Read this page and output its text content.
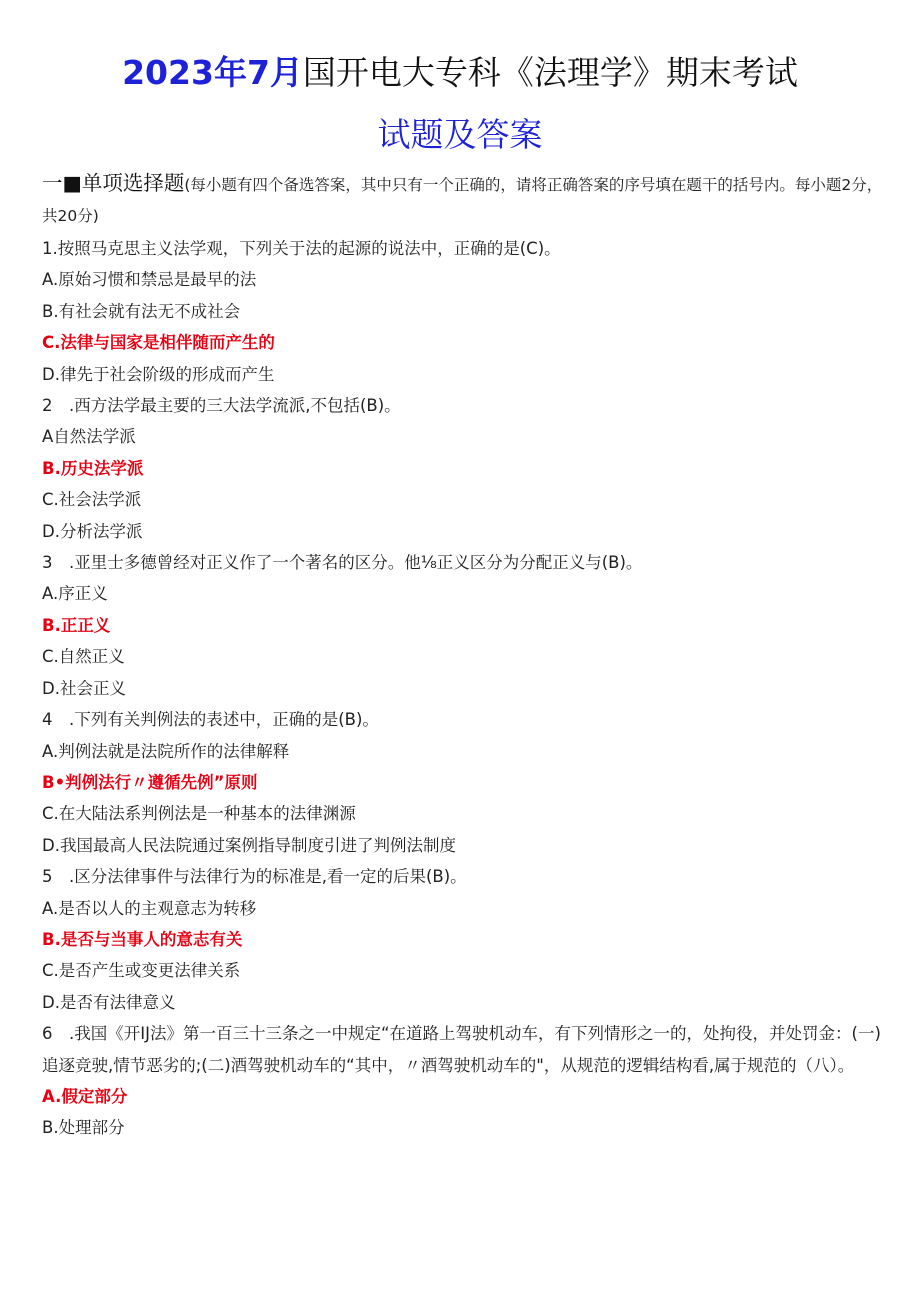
2023年7月国开电大专科《法理学》期末考试
试题及答案
一■单项选择题(每小题有四个备选答案，其中只有一个正确的，请将正确答案的序号填在题干的括号内。每小题2分，共20分)
1.按照马克思主义法学观，下列关于法的起源的说法中，正确的是(C)。
A.原始习惯和禁忌是最早的法
B.有社会就有法无不成社会
C.法律与国家是相伴随而产生的
D.律先于社会阶级的形成而产生
2　.西方法学最主要的三大法学流派,不包括(B)。
A自然法学派
B.历史法学派
C.社会法学派
D.分析法学派
3　.亚里士多德曾经对正义作了一个著名的区分。他⅛正义区分为分配正义与(B)。
A.序正义
B.正正义
C.自然正义
D.社会正义
4　.下列有关判例法的表述中，正确的是(B)。
A.判例法就是法院所作的法律解释
B•判例法行〃遵循先例”原则
C.在大陆法系判例法是一种基本的法律渊源
D.我国最高人民法院通过案例指导制度引进了判例法制度
5　.区分法律事件与法律行为的标准是,看一定的后果(B)。
A.是否以人的主观意志为转移
B.是否与当事人的意志有关
C.是否产生或变更法律关系
D.是否有法律意义
6　.我国《开IJ法》第一百三十三条之一中规定“在道路上驾驶机动车，有下列情形之一的，处拘役，并处罚金：(一)追逐竞驶,情节恶劣的;(二)酒驾驶机动车的“其中，〃酒驾驶机动车的"，从规范的逻辑结构看,属于规范的（八）。
A.假定部分
B.处理部分
